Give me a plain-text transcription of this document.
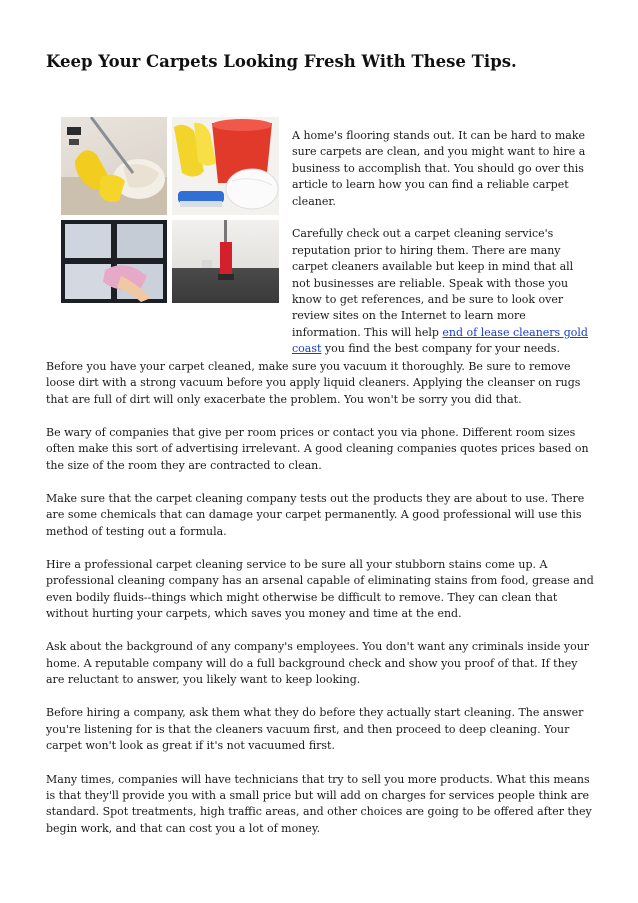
Keep Your Carpets Looking Fresh With These Tips.

A home's flooring stands out. It can be hard to make sure carpets are clean, and you might want to hire a business to accomplish that. You should go over this article to learn how you can find a reliable carpet cleaner.

Carefully check out a carpet cleaning service's reputation prior to hiring them. There are many carpet cleaners available but keep in mind that all not businesses are reliable. Speak with those you know to get references, and be sure to look over review sites on the Internet to learn more information. This will help end of lease cleaners gold coast you find the best company for your needs.

Before you have your carpet cleaned, make sure you vacuum it thoroughly. Be sure to remove loose dirt with a strong vacuum before you apply liquid cleaners. Applying the cleanser on rugs that are full of dirt will only exacerbate the problem. You won't be sorry you did that.

Be wary of companies that give per room prices or contact you via phone. Different room sizes often make this sort of advertising irrelevant. A good cleaning companies quotes prices based on the size of the room they are contracted to clean.

Make sure that the carpet cleaning company tests out the products they are about to use. There are some chemicals that can damage your carpet permanently. A good professional will use this method of testing out a formula.

Hire a professional carpet cleaning service to be sure all your stubborn stains come up. A professional cleaning company has an arsenal capable of eliminating stains from food, grease and even bodily fluids--things which might otherwise be difficult to remove. They can clean that without hurting your carpets, which saves you money and time at the end.

Ask about the background of any company's employees. You don't want any criminals inside your home. A reputable company will do a full background check and show you proof of that. If they are reluctant to answer, you likely want to keep looking.

Before hiring a company, ask them what they do before they actually start cleaning. The answer you're listening for is that the cleaners vacuum first, and then proceed to deep cleaning. Your carpet won't look as great if it's not vacuumed first.

Many times, companies will have technicians that try to sell you more products. What this means is that they'll provide you with a small price but will add on charges for services people think are standard. Spot treatments, high traffic areas, and other choices are going to be offered after they begin work, and that can cost you a lot of money.
